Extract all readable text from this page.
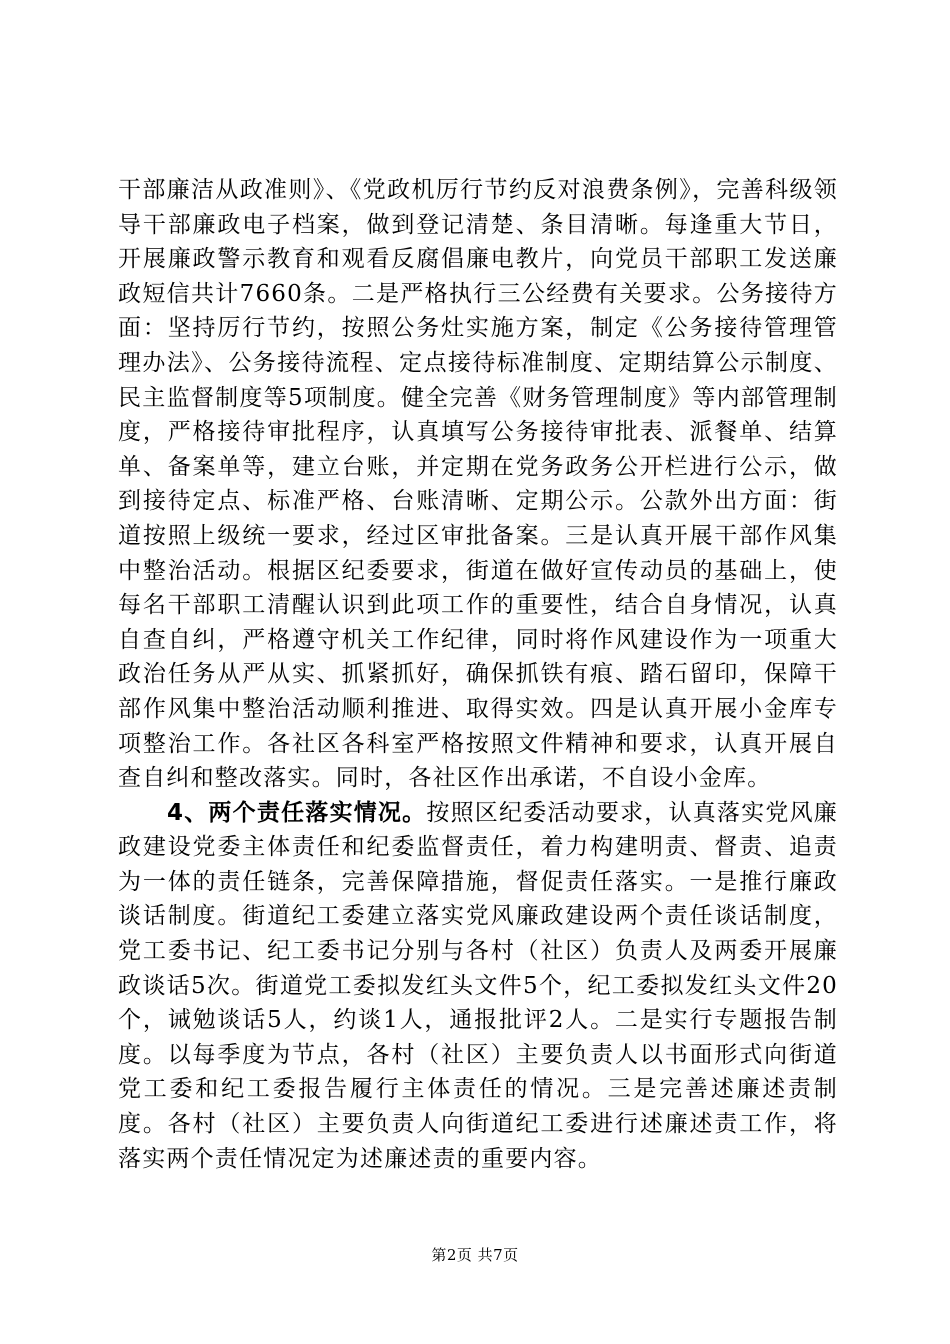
干部廉洁从政准则》、《党政机厉行节约反对浪费条例》，完善科级领导干部廉政电子档案，做到登记清楚、条目清晰。每逢重大节日，开展廉政警示教育和观看反腐倡廉电教片，向党员干部职工发送廉政短信共计7660条。二是严格执行三公经费有关要求。公务接待方面：坚持厉行节约，按照公务灶实施方案，制定《公务接待管理管理办法》、公务接待流程、定点接待标准制度、定期结算公示制度、民主监督制度等5项制度。健全完善《财务管理制度》等内部管理制度，严格接待审批程序，认真填写公务接待审批表、派餐单、结算单、备案单等，建立台账，并定期在党务政务公开栏进行公示，做到接待定点、标准严格、台账清晰、定期公示。公款外出方面：街道按照上级统一要求，经过区审批备案。三是认真开展干部作风集中整治活动。根据区纪委要求，街道在做好宣传动员的基础上，使每名干部职工清醒认识到此项工作的重要性，结合自身情况，认真自查自纠，严格遵守机关工作纪律，同时将作风建设作为一项重大政治任务从严从实、抓紧抓好，确保抓铁有痕、踏石留印，保障干部作风集中整治活动顺利推进、取得实效。四是认真开展小金库专项整治工作。各社区各科室严格按照文件精神和要求，认真开展自查自纠和整改落实。同时，各社区作出承诺，不自设小金库。

4、两个责任落实情况。按照区纪委活动要求，认真落实党风廉政建设党委主体责任和纪委监督责任，着力构建明责、督责、追责为一体的责任链条，完善保障措施，督促责任落实。一是推行廉政谈话制度。街道纪工委建立落实党风廉政建设两个责任谈话制度，党工委书记、纪工委书记分别与各村（社区）负责人及两委开展廉政谈话5次。街道党工委拟发红头文件5个，纪工委拟发红头文件20个，诫勉谈话5人，约谈1人，通报批评2人。二是实行专题报告制度。以每季度为节点，各村（社区）主要负责人以书面形式向街道党工委和纪工委报告履行主体责任的情况。三是完善述廉述责制度。各村（社区）主要负责人向街道纪工委进行述廉述责工作，将落实两个责任情况定为述廉述责的重要内容。

第2页 共7页
